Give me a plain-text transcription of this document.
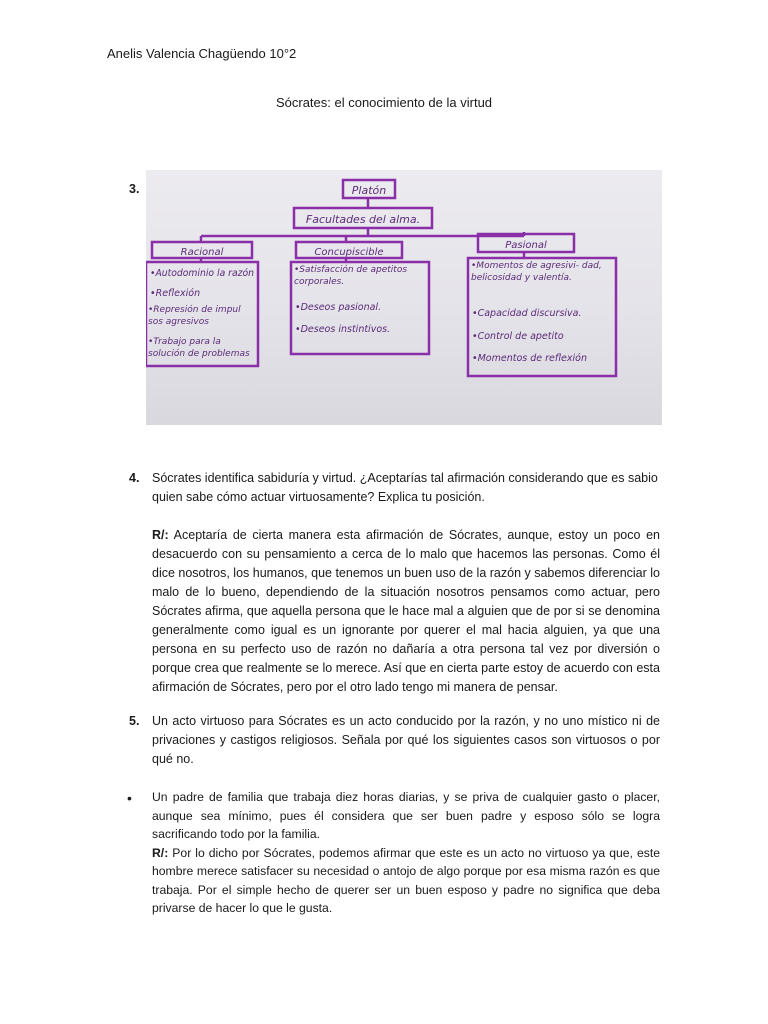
Anelis Valencia Chagüendo 10°2
Sócrates: el conocimiento de la virtud
3.	Platón
Facultades del alma.
Racional	Concupiscible
Pasional
•Autodominio la razón
•Reflexión
•Represión de impul sos agresivos
•Trabajo para la solución de problemas
•Satisfacción de apetitos corporales.
•Deseos pasional.
•Deseos instintivos.
•Momentos de agresivi- dad, belicosidad y valentía.
•Capacidad discursiva.
•Control de apetito
•Momentos de reflexión
4. Sócrates identifica sabiduría y virtud. ¿Aceptarías tal afirmación considerando que es sabio

quien sabe cómo actuar virtuosamente? Explica tu posición.

R/: Aceptaría de cierta manera esta afirmación de Sócrates, aunque, estoy un poco en desacuerdo con su pensamiento a cerca de lo malo que hacemos las personas. Como él dice nosotros, los humanos, que tenemos un buen uso de la razón y sabemos diferenciar lo malo de lo bueno, dependiendo de la situación nosotros pensamos como actuar, pero Sócrates afirma, que aquella persona que le hace mal a alguien que de por si se denomina generalmente como igual es un ignorante por querer el mal hacia alguien, ya que una persona en su perfecto uso de razón no dañaría a otra persona tal vez por diversión o porque crea que realmente se lo merece. Así que en cierta parte estoy de acuerdo con esta afirmación de Sócrates, pero por el otro lado tengo mi manera de pensar.

5. Un acto virtuoso para Sócrates es un acto conducido por la razón, y no uno místico ni de privaciones y castigos religiosos. Señala por qué los siguientes casos son virtuosos o por qué no.

•	Un padre de familia que trabaja diez horas diarias, y se priva de cualquier gasto o placer, aunque sea mínimo, pues él considera que ser buen padre y esposo sólo se logra sacrificando todo por la familia.

R/: Por lo dicho por Sócrates, podemos afirmar que este es un acto no virtuoso ya que, este hombre merece satisfacer su necesidad o antojo de algo porque por esa misma razón es que trabaja. Por el simple hecho de querer ser un buen esposo y padre no significa que deba privarse de hacer lo que le gusta.
